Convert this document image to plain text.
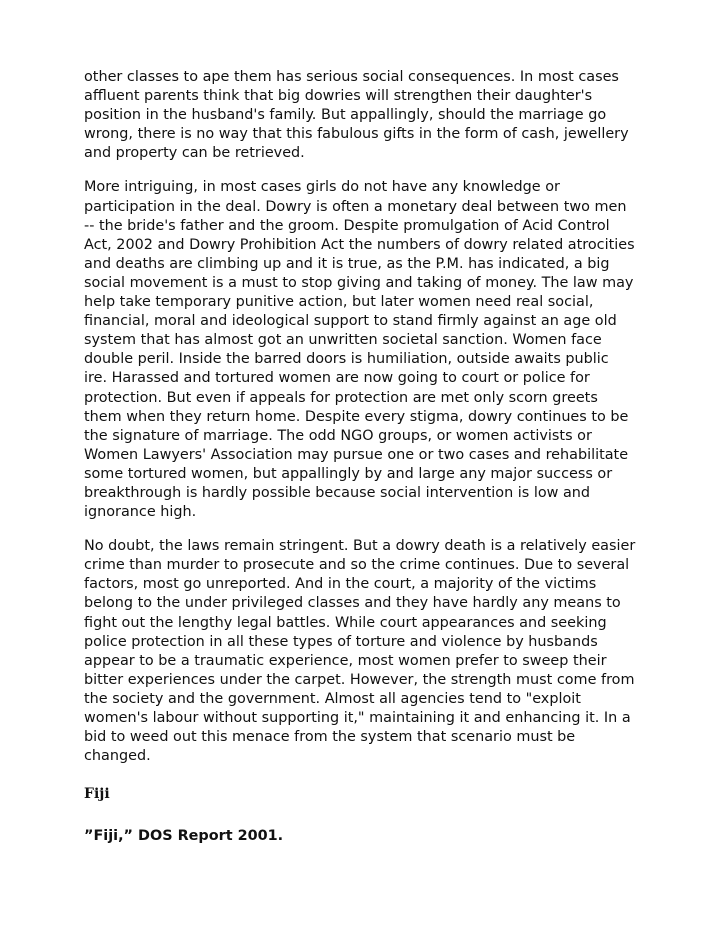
other classes to ape them has serious social consequences. In most cases
affluent parents think that big dowries will strengthen their daughter's
position in the husband's family. But appallingly, should the marriage go
wrong, there is no way that this fabulous gifts in the form of cash, jewellery
and property can be retrieved.

More intriguing, in most cases girls do not have any knowledge or
participation in the deal. Dowry is often a monetary deal between two men
-- the bride's father and the groom. Despite promulgation of Acid Control
Act, 2002 and Dowry Prohibition Act the numbers of dowry related atrocities
and deaths are climbing up and it is true, as the P.M. has indicated, a big
social movement is a must to stop giving and taking of money. The law may
help take temporary punitive action, but later women need real social,
financial, moral and ideological support to stand firmly against an age old
system that has almost got an unwritten societal sanction. Women face
double peril. Inside the barred doors is humiliation, outside awaits public
ire. Harassed and tortured women are now going to court or police for
protection. But even if appeals for protection are met only scorn greets
them when they return home. Despite every stigma, dowry continues to be
the signature of marriage. The odd NGO groups, or women activists or
Women Lawyers' Association may pursue one or two cases and rehabilitate
some tortured women, but appallingly by and large any major success or
breakthrough is hardly possible because social intervention is low and
ignorance high.

No doubt, the laws remain stringent. But a dowry death is a relatively easier
crime than murder to prosecute and so the crime continues. Due to several
factors, most go unreported. And in the court, a majority of the victims
belong to the under privileged classes and they have hardly any means to
fight out the lengthy legal battles. While court appearances and seeking
police protection in all these types of torture and violence by husbands
appear to be a traumatic experience, most women prefer to sweep their
bitter experiences under the carpet. However, the strength must come from
the society and the government. Almost all agencies tend to "exploit
women's labour without supporting it," maintaining it and enhancing it. In a
bid to weed out this menace from the system that scenario must be
changed.

Fiji
”Fiji,” DOS Report 2001.
